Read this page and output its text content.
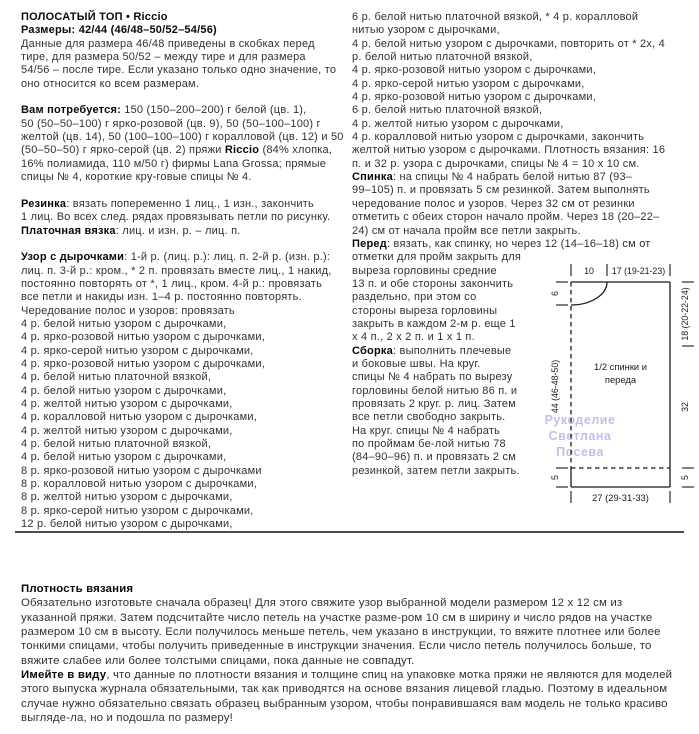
ПОЛОСАТЫЙ ТОП • Riccio
Размеры: 42/44 (46/48–50/52–54/56)
Данные для размера 46/48 приведены в скобках перед
тире, для размера 50/52 – между тире и для размера
54/56 – после тире. Если указано только одно значение, то
оно относится ко всем размерам.

Вам потребуется: 150 (150–200–200) г белой (цв. 1),
50 (50–50–100) г ярко-розовой (цв. 9), 50 (50–100–100) г
желтой (цв. 14), 50 (100–100–100) г коралловой (цв. 12) и 50
(50–50–50) г ярко-серой (цв. 2) пряжи Riccio (84% хлопка,
16% полиамида, 110 м/50 г) фирмы Lana Grossa; прямые
спицы № 4, короткие кру-говые спицы № 4.

Резинка: вязать попеременно 1 лиц., 1 изн., закончить
1 лиц. Во всех след. рядах провязывать петли по рисунку.
Платочная вязка: лиц. и изн. р. – лиц. п.

Узор с дырочками: 1-й р. (лиц. р.): лиц. п. 2-й р. (изн. р.):
лиц. п. 3-й р.: кром., * 2 п. провязать вместе лиц., 1 накид,
постоянно повторять от *, 1 лиц., кром. 4-й р.: провязать
все петли и накиды изн. 1–4 р. постоянно повторять.
Чередование полос и узоров: провязать
4 р. белой нитью узором с дырочками,
4 р. ярко-розовой нитью узором с дырочками,
4 р. ярко-серой нитью узором с дырочками,
4 р. ярко-розовой нитью узором с дырочками,
4 р. белой нитью платочной вязкой,
4 р. белой нитью узором с дырочками,
4 р. желтой нитью узором с дырочками,
4 р. коралловой нитью узором с дырочками,
4 р. желтой нитью узором с дырочками,
4 р. белой нитью платочной вязкой,
4 р. белой нитью узором с дырочками,
8 р. ярко-розовой нитью узором с дырочками
8 р. коралловой нитью узором с дырочками,
8 р. желтой нитью узором с дырочками,
8 р. ярко-серой нитью узором с дырочками,
12 р. белой нитью узором с дырочками,
6 р. белой нитью платочной вязкой, * 4 р. коралловой
нитью узором с дырочками,
4 р. белой нитью узором с дырочками, повторить от * 2x, 4
р. белой нитью платочной вязкой,
4 р. ярко-розовой нитью узором с дырочками,
4 р. ярко-серой нитью узором с дырочками,
4 р. ярко-розовой нитью узором с дырочками,
6 р. белой нитью платочной вязкой,
4 р. желтой нитью узором с дырочками,
4 р. коралловой нитью узором с дырочками, закончить
желтой нитью узором с дырочками. Плотность вязания: 16
п. и 32 р. узора с дырочками, спицы № 4 = 10 x 10 см.
Спинка: на спицы № 4 набрать белой нитью 87 (93–
99–105) п. и провязать 5 см резинкой. Затем выполнять
чередование полос и узоров. Через 32 см от резинки
отметить с обеих сторон начало пройм. Через 18 (20–22–
24) см от начала пройм все петли закрыть.
Перед: вязать, как спинку, но через 12 (14–16–18) см от
отметки для пройм закрыть для
выреза горловины средние
13 п. и обе стороны закончить
раздельно, при этом со
стороны выреза горловины
закрыть в каждом 2-м р. еще 1
x 4 п., 2 x 2 п. и 1 x 1 п.
Сборка: выполнить плечевые
и боковые швы. На круг.
спицы № 4 набрать по вырезу
горловины белой нитью 86 п. и
провязать 2 круг. р. лиц. Затем
все петли свободно закрыть.
На круг. спицы № 4 набрать
по проймам бе-лой нитью 78
(84–90–96) п. и провязать 2 см
резинкой, затем петли закрыть.
Рукоделие
Светлана
Посева
10 17 (19-21-23)
6
44 (46-48-50)
5
18 (20-22-24)
32
5
27 (29-31-33)
1/2 спинки и
переда
Плотность вязания
Обязательно изготовьте сначала образец! Для этого свяжите узор выбранной модели размером 12 x 12 см из
указанной пряжи. Затем подсчитайте число петель на участке разме-ром 10 см в ширину и число рядов на участке
размером 10 см в высоту. Если получилось меньше петель, чем указано в инструкции, то вяжите плотнее или более
тонкими спицами, чтобы получить приведенные в инструкции значения. Если число петель получилось больше, то
вяжите слабее или более толстыми спицами, пока данные не совпадут.
Имейте в виду, что данные по плотности вязания и толщине спиц на упаковке мотка пряжи не являются для моделей
этого выпуска журнала обязательными, так как приводятся на основе вязания лицевой гладью. Поэтому в идеальном
случае нужно обязательно связать образец выбранным узором, чтобы понравившаяся вам модель не только красиво
выгляде-ла, но и подошла по размеру!
